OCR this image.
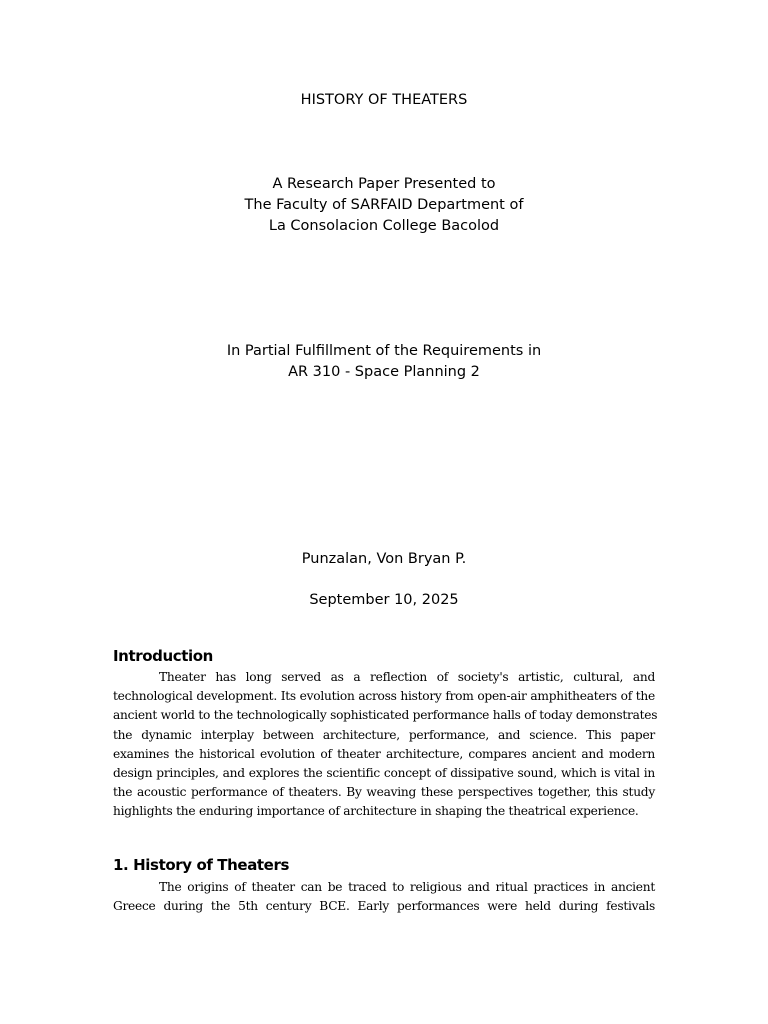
HISTORY OF THEATERS
A Research Paper Presented to
The Faculty of SARFAID Department of
La Consolacion College Bacolod
In Partial Fulfillment of the Requirements in
AR 310 - Space Planning 2
Punzalan, Von Bryan P.
September 10, 2025
Introduction
Theater has long served as a reflection of society's artistic, cultural, and
technological development. Its evolution across history from open-air amphitheaters of the
ancient world to the technologically sophisticated performance halls of today demonstrates
the dynamic interplay between architecture, performance, and science. This paper
examines the historical evolution of theater architecture, compares ancient and modern
design principles, and explores the scientific concept of dissipative sound, which is vital in
the acoustic performance of theaters. By weaving these perspectives together, this study
highlights the enduring importance of architecture in shaping the theatrical experience.
1. History of Theaters
The origins of theater can be traced to religious and ritual practices in ancient
Greece during the 5th century BCE. Early performances were held during festivals
